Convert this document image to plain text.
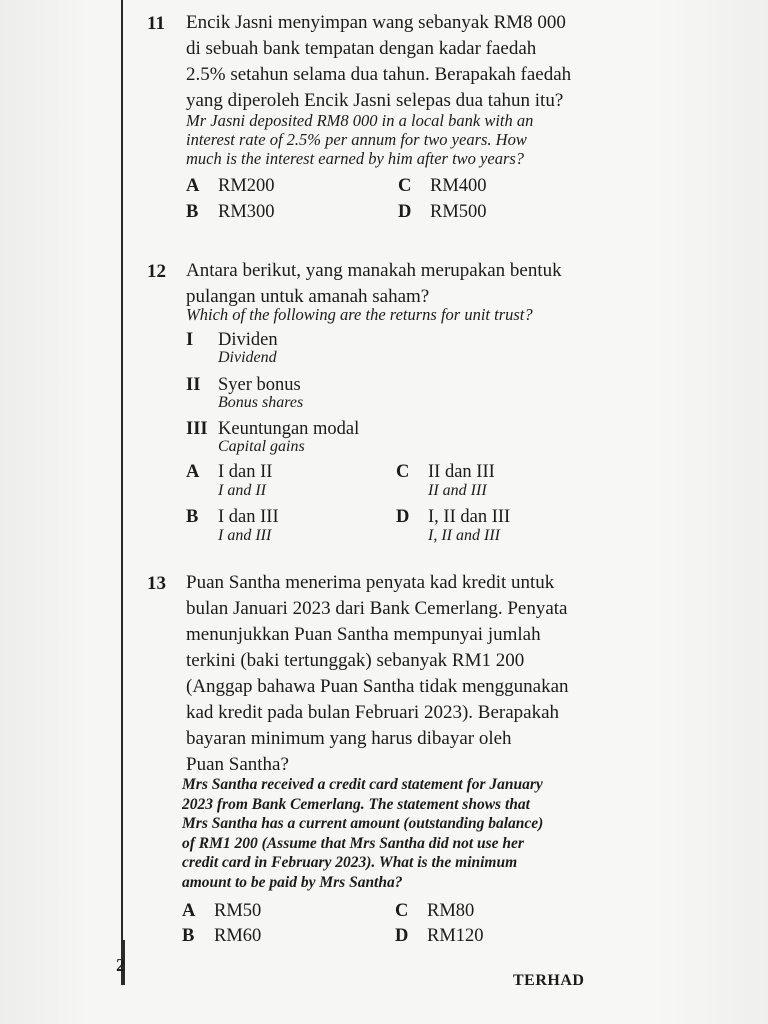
11 Encik Jasni menyimpan wang sebanyak RM8 000
di sebuah bank tempatan dengan kadar faedah
2.5% setahun selama dua tahun. Berapakah faedah
yang diperoleh Encik Jasni selepas dua tahun itu?
Mr Jasni deposited RM8 000 in a local bank with an
interest rate of 2.5% per annum for two years. How
much is the interest earned by him after two years?
A RM200
B RM300
C RM400
D RM500
12 Antara berikut, yang manakah merupakan bentuk
pulangan untuk amanah saham?
Which of the following are the returns for unit trust?
I Dividen
Dividend
II Syer bonus
Bonus shares
III Keuntungan modal
Capital gains
A I dan II
I and II
B I dan III
I and III
C II dan III
II and III
D I, II dan III
I, II and III
13 Puan Santha menerima penyata kad kredit untuk
bulan Januari 2023 dari Bank Cemerlang. Penyata
menunjukkan Puan Santha mempunyai jumlah
terkini (baki tertunggak) sebanyak RM1 200
(Anggap bahawa Puan Santha tidak menggunakan
kad kredit pada bulan Februari 2023). Berapakah
bayaran minimum yang harus dibayar oleh
Puan Santha?
Mrs Santha received a credit card statement for January
2023 from Bank Cemerlang. The statement shows that
Mrs Santha has a current amount (outstanding balance)
of RM1 200 (Assume that Mrs Santha did not use her
credit card in February 2023). What is the minimum
amount to be paid by Mrs Santha?
A RM50
B RM60
C RM80
D RM120
2
TERHAD
